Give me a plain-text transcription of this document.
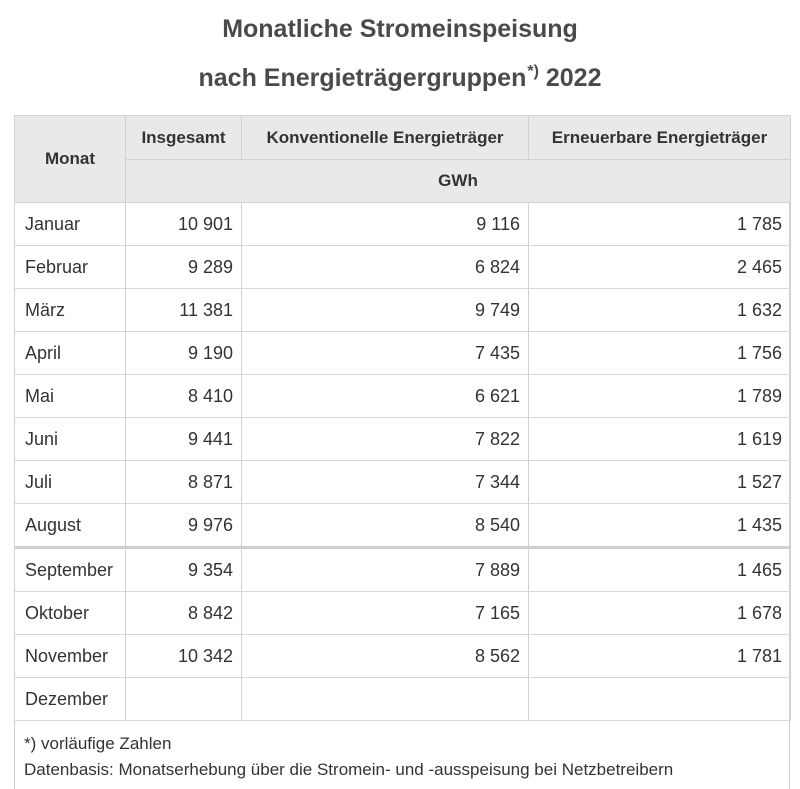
Monatliche Stromeinspeisung
nach Energieträgergruppen*) 2022
Monat	Insgesamt	Konventionelle Energieträger	Erneuerbare Energieträger
	GWh		
Januar	10 901	9 116	1 785
Februar	9 289	6 824	2 465
März	11 381	9 749	1 632
April	9 190	7 435	1 756
Mai	8 410	6 621	1 789
Juni	9 441	7 822	1 619
Juli	8 871	7 344	1 527
August	9 976	8 540	1 435
September	9 354	7 889	1 465
Oktober	8 842	7 165	1 678
November	10 342	8 562	1 781
Dezember			
*) vorläufige Zahlen
Datenbasis: Monatserhebung über die Stromein- und -ausspeisung bei Netzbetreibern
